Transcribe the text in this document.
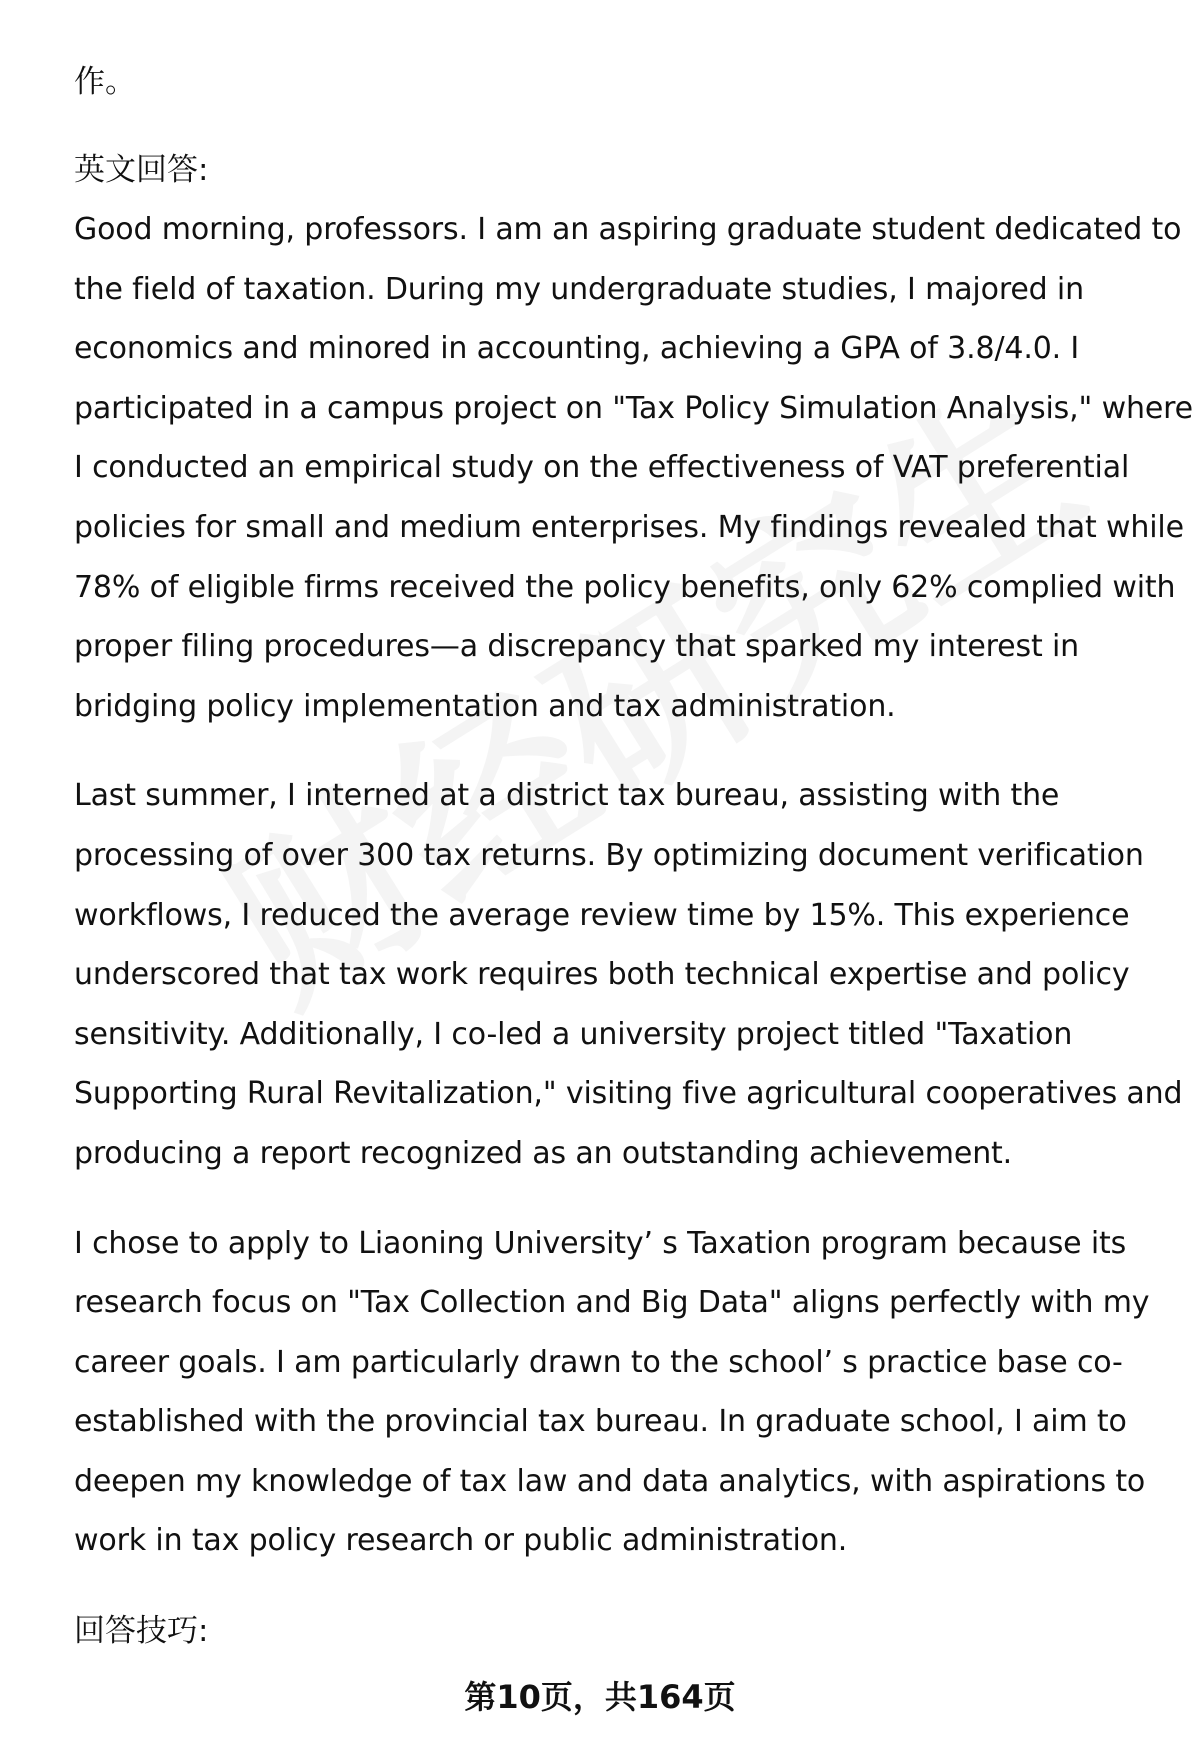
作。

英文回答:

Good morning, professors. I am an aspiring graduate student dedicated to
the field of taxation. During my undergraduate studies, I majored in
economics and minored in accounting, achieving a GPA of 3.8/4.0. I
participated in a campus project on "Tax Policy Simulation Analysis," where
I conducted an empirical study on the effectiveness of VAT preferential
policies for small and medium enterprises. My findings revealed that while
78% of eligible firms received the policy benefits, only 62% complied with
proper filing procedures—a discrepancy that sparked my interest in
bridging policy implementation and tax administration.

Last summer, I interned at a district tax bureau, assisting with the
processing of over 300 tax returns. By optimizing document verification
workflows, I reduced the average review time by 15%. This experience
underscored that tax work requires both technical expertise and policy
sensitivity. Additionally, I co-led a university project titled "Taxation
Supporting Rural Revitalization," visiting five agricultural cooperatives and
producing a report recognized as an outstanding achievement.

I chose to apply to Liaoning University’ s Taxation program because its
research focus on "Tax Collection and Big Data" aligns perfectly with my
career goals. I am particularly drawn to the school’ s practice base co-
established with the provincial tax bureau. In graduate school, I aim to
deepen my knowledge of tax law and data analytics, with aspirations to
work in tax policy research or public administration.

回答技巧:

第10页，共164页
